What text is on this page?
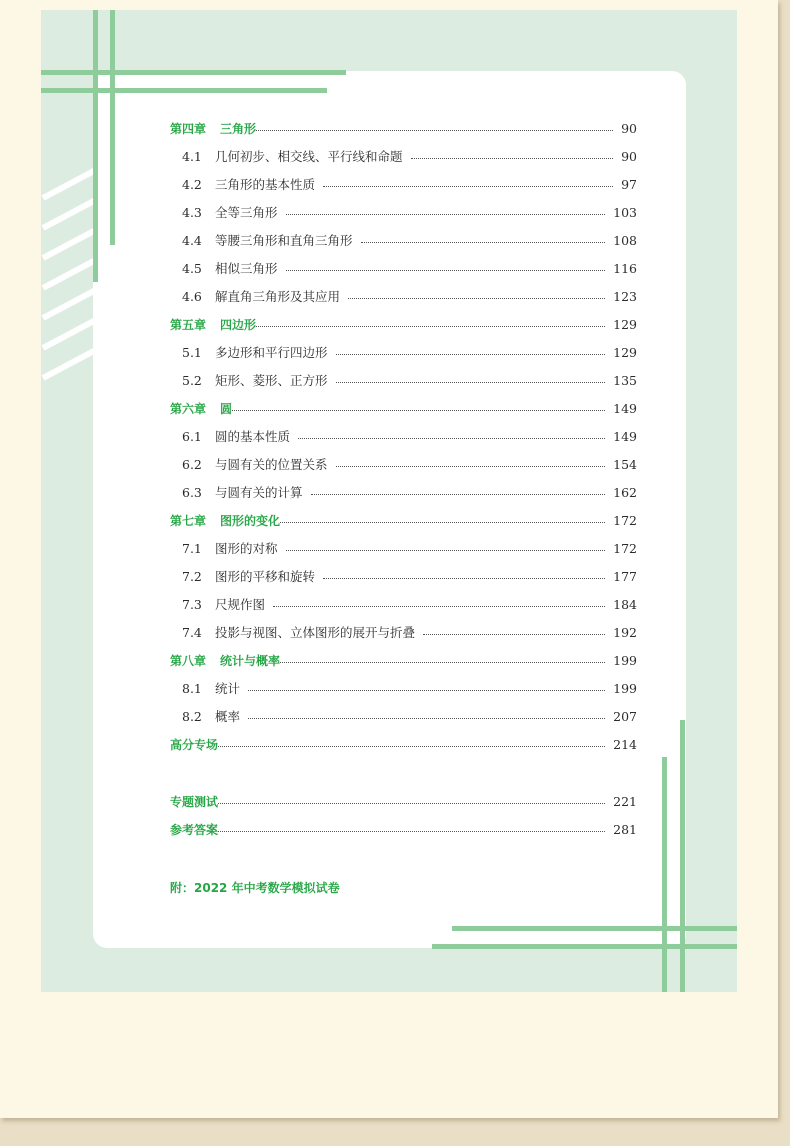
第四章	三角形	90
4.1	几何初步、相交线、平行线和命题	90
4.2	三角形的基本性质	97
4.3	全等三角形	103
4.4	等腰三角形和直角三角形	108
4.5	相似三角形	116
4.6	解直角三角形及其应用	123
第五章	四边形	129
5.1	多边形和平行四边形	129
5.2	矩形、菱形、正方形	135
第六章	圆	149
6.1	圆的基本性质	149
6.2	与圆有关的位置关系	154
6.3	与圆有关的计算	162
第七章	图形的变化	172
7.1	图形的对称	172
7.2	图形的平移和旋转	177
7.3	尺规作图	184
7.4	投影与视图、立体图形的展开与折叠	192
第八章	统计与概率	199
8.1	统计	199
8.2	概率	207
高分专场	214
专题测试	221
参考答案	281
附：2022 年中考数学模拟试卷
